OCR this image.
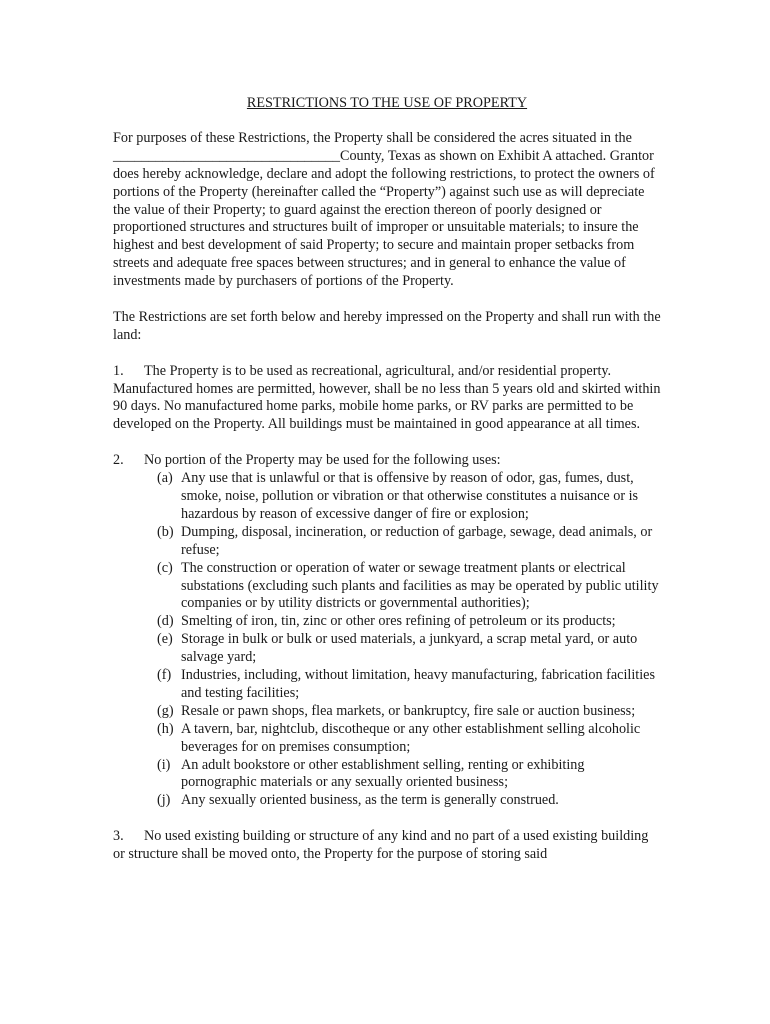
RESTRICTIONS TO THE USE OF PROPERTY

For purposes of these Restrictions, the Property shall be considered the acres situated in the ________________________________County, Texas as shown on Exhibit A attached. Grantor does hereby acknowledge, declare and adopt the following restrictions, to protect the owners of portions of the Property (hereinafter called the “Property”) against such use as will depreciate the value of their Property; to guard against the erection thereon of poorly designed or proportioned structures and structures built of improper or unsuitable materials; to insure the highest and best development of said Property; to secure and maintain proper setbacks from streets and adequate free spaces between structures; and in general to enhance the value of investments made by purchasers of portions of the Property.

The Restrictions are set forth below and hereby impressed on the Property and shall run with the land:

1. The Property is to be used as recreational, agricultural, and/or residential property. Manufactured homes are permitted, however, shall be no less than 5 years old and skirted within 90 days. No manufactured home parks, mobile home parks, or RV parks are permitted to be developed on the Property. All buildings must be maintained in good appearance at all times.

2. No portion of the Property may be used for the following uses:
(a) Any use that is unlawful or that is offensive by reason of odor, gas, fumes, dust, smoke, noise, pollution or vibration or that otherwise constitutes a nuisance or is hazardous by reason of excessive danger of fire or explosion;
(b) Dumping, disposal, incineration, or reduction of garbage, sewage, dead animals, or refuse;
(c) The construction or operation of water or sewage treatment plants or electrical substations (excluding such plants and facilities as may be operated by public utility companies or by utility districts or governmental authorities);
(d) Smelting of iron, tin, zinc or other ores refining of petroleum or its products;
(e) Storage in bulk or bulk or used materials, a junkyard, a scrap metal yard, or auto salvage yard;
(f) Industries, including, without limitation, heavy manufacturing, fabrication facilities and testing facilities;
(g) Resale or pawn shops, flea markets, or bankruptcy, fire sale or auction business;
(h) A tavern, bar, nightclub, discotheque or any other establishment selling alcoholic beverages for on premises consumption;
(i) An adult bookstore or other establishment selling, renting or exhibiting pornographic materials or any sexually oriented business;
(j) Any sexually oriented business, as the term is generally construed.

3. No used existing building or structure of any kind and no part of a used existing building or structure shall be moved onto, the Property for the purpose of storing said
